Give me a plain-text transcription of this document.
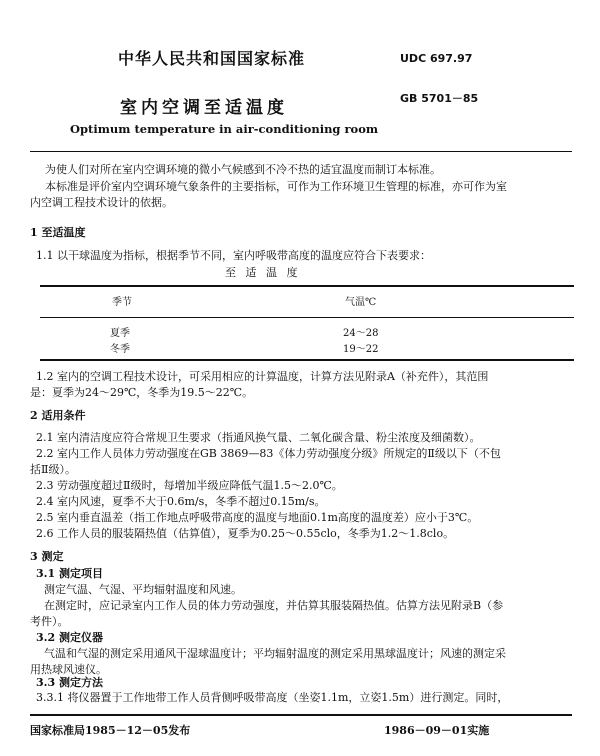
中华人民共和国国家标准	UDC 697.97
室内空调至适温度	GB 5701－85
Optimum temperature in air-conditioning room
为使人们对所在室内空调环境的微小气候感到不冷不热的适宜温度而制订本标准。
本标准是评价室内空调环境气象条件的主要指标，可作为工作环境卫生管理的标准，亦可作为室
内空调工程技术设计的依据。
1 至适温度
1.1 以干球温度为指标，根据季节不同，室内呼吸带高度的温度应符合下表要求：
至 适 温 度
季节	气温℃
夏季	24～28
冬季	19～22
1.2 室内的空调工程技术设计，可采用相应的计算温度，计算方法见附录A（补充件），其范围
是：夏季为24～29℃，冬季为19.5～22℃。
2 适用条件
2.1 室内清洁度应符合常规卫生要求（指通风换气量、二氧化碳含量、粉尘浓度及细菌数）。
2.2 室内工作人员体力劳动强度在GB 3869—83《体力劳动强度分级》所规定的Ⅱ级以下（不包
括Ⅱ级）。
2.3 劳动强度超过Ⅱ级时，每增加半级应降低气温1.5～2.0℃。
2.4 室内风速，夏季不大于0.6m/s，冬季不超过0.15m/s。
2.5 室内垂直温差（指工作地点呼吸带高度的温度与地面0.1m高度的温度差）应小于3℃。
2.6 工作人员的服装隔热值（估算值），夏季为0.25～0.55clo，冬季为1.2～1.8clo。
3 测定
3.1 测定项目
测定气温、气湿、平均辐射温度和风速。
在测定时，应记录室内工作人员的体力劳动强度，并估算其服装隔热值。估算方法见附录B（参
考件）。
3.2 测定仪器
气温和气湿的测定采用通风干湿球温度计；平均辐射温度的测定采用黑球温度计；风速的测定采
用热球风速仪。
3.3 测定方法
3.3.1 将仪器置于工作地带工作人员背侧呼吸带高度（坐姿1.1m，立姿1.5m）进行测定。同时，
国家标准局1985－12－05发布	1986－09－01实施
